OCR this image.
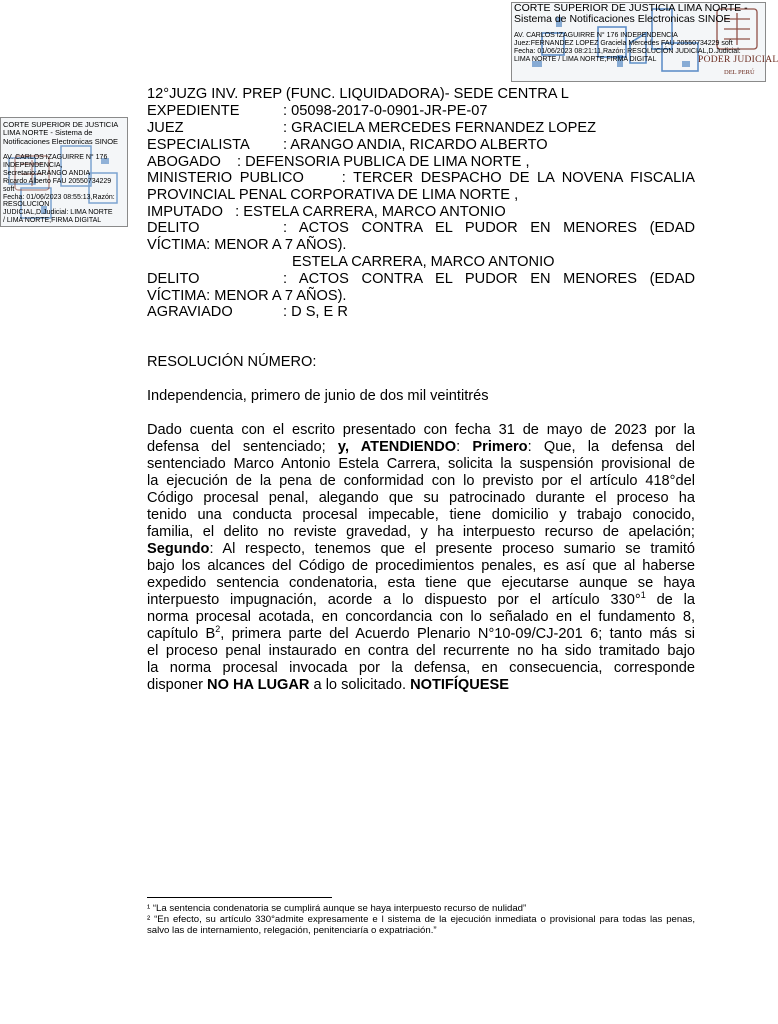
CORTE SUPERIOR DE JUSTICIA LIMA NORTE -
Sistema de Notificaciones Electronicas SINOE
AV. CARLOS IZAGUIRRE N° 176 INDEPENDENCIA
Juez:FERNANDEZ LOPEZ Graciela Mercedes FAU 20550734229 soft
Fecha: 01/06/2023 08:21:11,Razón: RESOLUCIÓN JUDICIAL,D.Judicial:
LIMA NORTE / LIMA NORTE,FIRMA DIGITAL	PODER JUDICIAL
DEL PERÚ
CORTE SUPERIOR DE JUSTICIA
LIMA NORTE - Sistema de
Notificaciones Electronicas SINOE
AV. CARLOS IZAGUIRRE N° 176
INDEPENDENCIA,
Secretario:ARANGO ANDIA
Ricardo Alberto FAU 20550734229
soft
Fecha: 01/06/2023 08:55:13,Razón:
RESOLUCIÓN
JUDICIAL,D.Judicial: LIMA NORTE
/ LIMA NORTE,FIRMA DIGITAL
12°JUZG INV. PREP (FUNC. LIQUIDADORA)- SEDE CENTRA L
EXPEDIENTE	: 05098-2017-0-0901-JR-PE-07
JUEZ	: GRACIELA MERCEDES FERNANDEZ LOPEZ
ESPECIALISTA : ARANGO ANDIA, RICARDO ALBERTO
ABOGADO    : DEFENSORIA PUBLICA DE LIMA NORTE ,
MINISTERIO PUBLICO     : TERCER DESPACHO DE LA NOVENA FISCALIA
PROVINCIAL PENAL CORPORATIVA DE LIMA NORTE ,
IMPUTADO   : ESTELA CARRERA, MARCO ANTONIO
DELITO	: ACTOS CONTRA EL PUDOR EN MENORES (EDAD
VÍCTIMA: MENOR A 7 AÑOS).
ESTELA CARRERA, MARCO ANTONIO
DELITO	: ACTOS CONTRA EL PUDOR EN MENORES (EDAD
VÍCTIMA: MENOR A 7 AÑOS).
AGRAVIADO	: D S, E R
RESOLUCIÓN NÚMERO:
Independencia, primero de junio de dos mil veintitrés
Dado cuenta con el escrito presentado con fecha 31 de mayo de 2023 por la
defensa del sentenciado; y, ATENDIENDO: Primero: Que, la defensa del
sentenciado Marco Antonio Estela Carrera, solicita la suspensión provisional de
la ejecución de la pena de conformidad con lo previsto por el artículo 418°del
Código procesal penal, alegando que su patrocinado durante el proceso ha
tenido una conducta procesal impecable, tiene domicilio y trabajo conocido,
familia, el delito no reviste gravedad, y ha interpuesto recurso de apelación;
Segundo: Al respecto, tenemos que el presente proceso sumario se tramitó
bajo los alcances del Código de procedimientos penales, es así que al haberse
expedido sentencia condenatoria, esta tiene que ejecutarse aunque se haya
interpuesto impugnación, acorde a lo dispuesto por el artículo 330°$^1$ de la
norma procesal acotada, en concordancia con lo señalado en el fundamento 8,
capítulo $B^2$, primera parte del Acuerdo Plenario N°10-09/CJ-201 6; tanto más si
el proceso penal instaurado en contra del recurrente no ha sido tramitado bajo
la norma procesal invocada por la defensa, en consecuencia, corresponde
disponer NO HA LUGAR a lo solicitado. NOTIFÍQUESE
¹ “La sentencia condenatoria se cumplirá aunque se haya interpuesto recurso de nulidad”
² “En efecto, su artículo 330°admite expresamente e l sistema de la ejecución inmediata o provisional para todas las penas, salvo las de internamiento, relegación, penitenciaría o expatriación.”
